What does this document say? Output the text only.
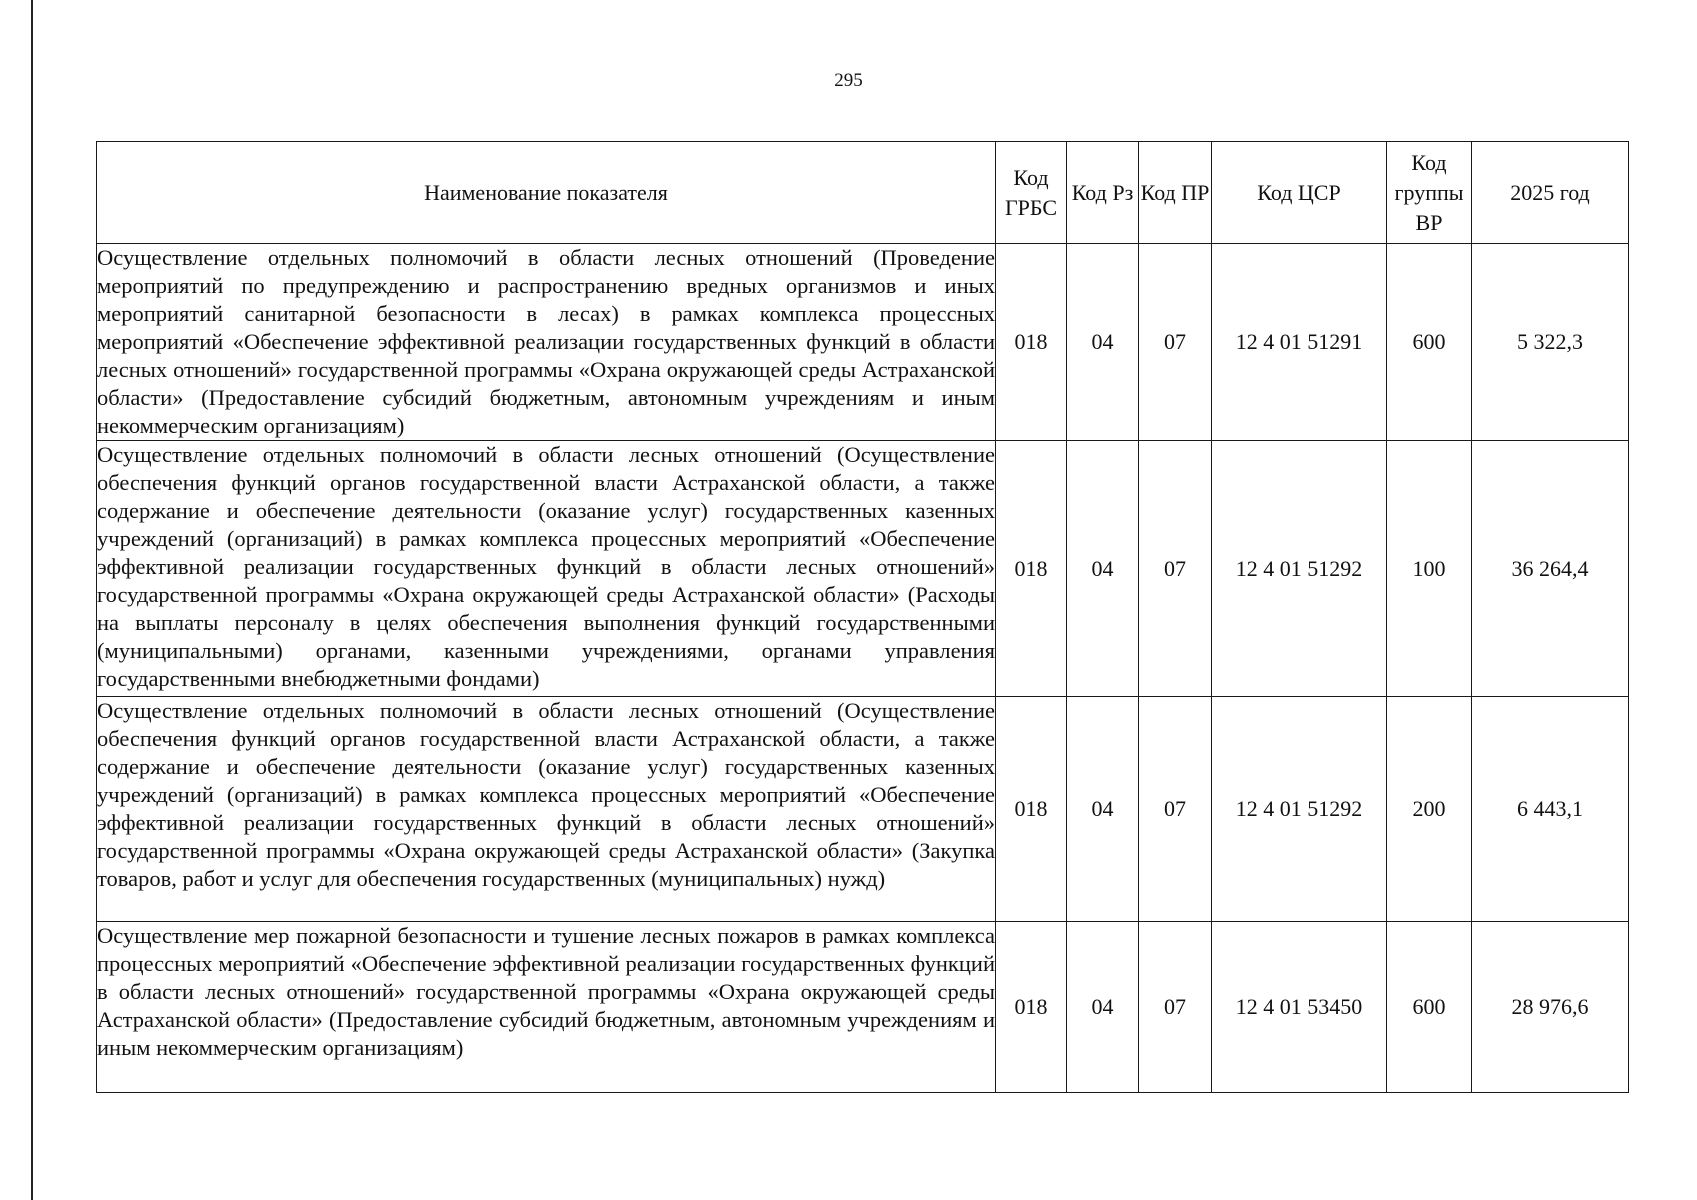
295
Наименование показателя	Код ГРБС	Код Рз	Код ПР	Код ЦСР	Код группы ВР	2025 год
Осуществление отдельных полномочий в области лесных отношений (Проведение мероприятий по предупреждению и распространению вредных организмов и иных мероприятий санитарной безопасности в лесах) в рамках комплекса процессных мероприятий «Обеспечение эффективной реализации государственных функций в области лесных отношений» государственной программы «Охрана окружающей среды Астраханской области» (Предоставление субсидий бюджетным, автономным учреждениям и иным некоммерческим организациям)	018	04	07	12 4 01 51291	600	5 322,3
Осуществление отдельных полномочий в области лесных отношений (Осуществление обеспечения функций органов государственной власти Астраханской области, а также содержание и обеспечение деятельности (оказание услуг) государственных казенных учреждений (организаций) в рамках комплекса процессных мероприятий «Обеспечение эффективной реализации государственных функций в области лесных отношений» государственной программы «Охрана окружающей среды Астраханской области» (Расходы на выплаты персоналу в целях обеспечения выполнения функций государственными (муниципальными) органами, казенными учреждениями, органами управления государственными внебюджетными фондами)	018	04	07	12 4 01 51292	100	36 264,4
Осуществление отдельных полномочий в области лесных отношений (Осуществление обеспечения функций органов государственной власти Астраханской области, а также содержание и обеспечение деятельности (оказание услуг) государственных казенных учреждений (организаций) в рамках комплекса процессных мероприятий «Обеспечение эффективной реализации государственных функций в области лесных отношений» государственной программы «Охрана окружающей среды Астраханской области» (Закупка товаров, работ и услуг для обеспечения государственных (муниципальных) нужд)	018	04	07	12 4 01 51292	200	6 443,1
Осуществление мер пожарной безопасности и тушение лесных пожаров в рамках комплекса процессных мероприятий «Обеспечение эффективной реализации государственных функций в области лесных отношений» государственной программы «Охрана окружающей среды Астраханской области» (Предоставление субсидий бюджетным, автономным учреждениям и иным некоммерческим организациям)	018	04	07	12 4 01 53450	600	28 976,6
